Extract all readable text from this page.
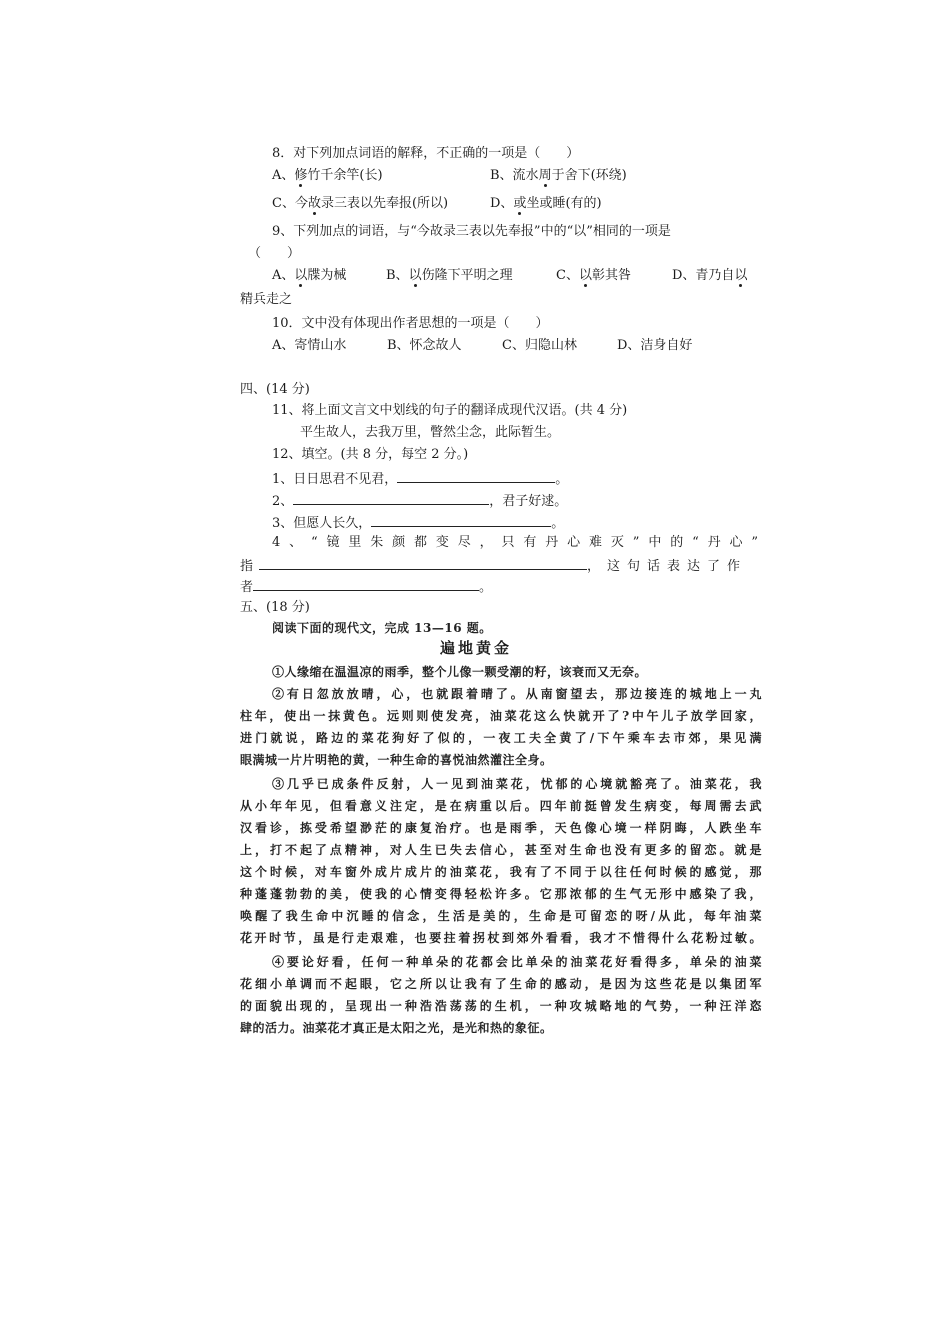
8．对下列加点词语的解释，不正确的一项是（　　）
A、修竹千余竿(长)	B、流水周于舍下(环绕)
C、今故录三表以先奉报(所以)	D、或坐或睡(有的)
9、下列加点的词语，与“今故录三表以先奉报”中的“以”相同的一项是
（　　）
A、以牒为械	B、以伤隆下平明之理	C、以彰其咎	D、青乃自以
精兵走之
10．文中没有体现出作者思想的一项是（　　）
A、寄情山水	B、怀念故人	C、归隐山林	D、洁身自好
四、(14 分)
11、将上面文言文中划线的句子的翻译成现代汉语。(共 4 分)
平生故人，去我万里，瞥然尘念，此际暂生。
12、填空。(共 8 分，每空 2 分。)
1、日日思君不见君，	。
2、	，君子好逑。
3、但愿人长久，	。
4、“镜里朱颜都变尽，只有丹心难灭”中的“丹心”
指	，这句话表达了作
者	。
五、(18 分)
阅读下面的现代文，完成 13—16 题。
遍地黄金
①人缘缩在温温凉的雨季，整个儿像一颗受潮的籽，该衰而又无奈。
②有日忽放放晴，心，也就跟着晴了。从南窗望去，那边接连的城地上一丸
柱年，使出一抹黄色。远则则使发亮，油菜花这么快就开了?中午儿子放学回家，
进门就说，路边的菜花狗好了似的，一夜工夫全黄了/下午乘车去市郊，果见满
眼满城一片片明艳的黄，一种生命的喜悦油然灌注全身。
③几乎已成条件反射，人一见到油菜花，忧郁的心境就豁亮了。油菜花，我
从小年年见，但看意义注定，是在病重以后。四年前挺曾发生病变，每周需去武
汉看诊，拣受希望渺茫的康复治疗。也是雨季，天色像心境一样阴晦，人跌坐车
上，打不起了点精神，对人生已失去信心，甚至对生命也没有更多的留恋。就是
这个时候，对车窗外成片成片的油菜花，我有了不同于以往任何时候的感觉，那
种蓬蓬勃勃的美，使我的心情变得轻松许多。它那浓郁的生气无形中感染了我，
唤醒了我生命中沉睡的信念，生活是美的，生命是可留恋的呀/从此，每年油菜
花开时节，虽是行走艰难，也要拄着拐杖到郊外看看，我才不惜得什么花粉过敏。
④要论好看，任何一种单朵的花都会比单朵的油菜花好看得多，单朵的油菜
花细小单调而不起眼，它之所以让我有了生命的感动，是因为这些花是以集团军
的面貌出现的，呈现出一种浩浩荡荡的生机，一种攻城略地的气势，一种汪洋恣
肆的活力。油菜花才真正是太阳之光，是光和热的象征。
